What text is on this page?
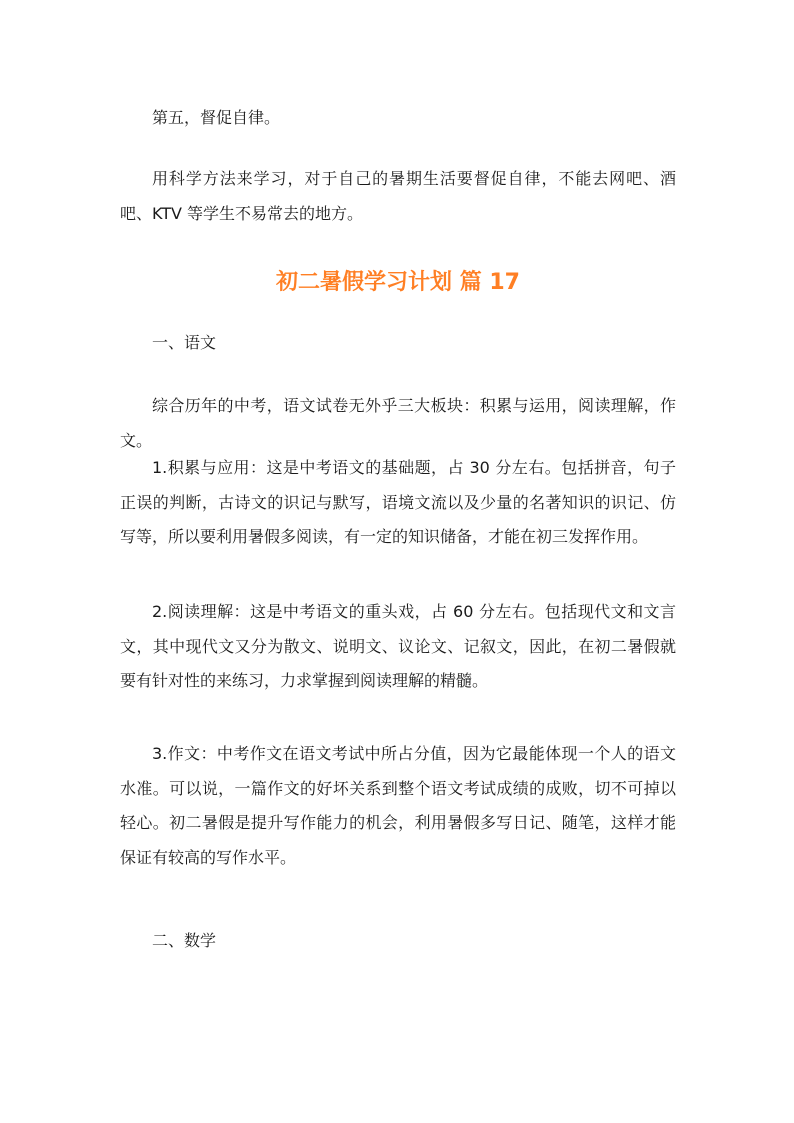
第五，督促自律。

用科学方法来学习，对于自己的暑期生活要督促自律，不能去网吧、酒吧、KTV 等学生不易常去的地方。

初二暑假学习计划 篇 17

一、语文

综合历年的中考，语文试卷无外乎三大板块：积累与运用，阅读理解，作文。

1.积累与应用：这是中考语文的基础题，占 30 分左右。包括拼音，句子正误的判断，古诗文的识记与默写，语境文流以及少量的名著知识的识记、仿写等，所以要利用暑假多阅读，有一定的知识储备，才能在初三发挥作用。

2.阅读理解：这是中考语文的重头戏，占 60 分左右。包括现代文和文言文，其中现代文又分为散文、说明文、议论文、记叙文，因此，在初二暑假就要有针对性的来练习，力求掌握到阅读理解的精髓。

3.作文：中考作文在语文考试中所占分值，因为它最能体现一个人的语文水准。可以说，一篇作文的好坏关系到整个语文考试成绩的成败，切不可掉以轻心。初二暑假是提升写作能力的机会，利用暑假多写日记、随笔，这样才能保证有较高的写作水平。

二、数学
